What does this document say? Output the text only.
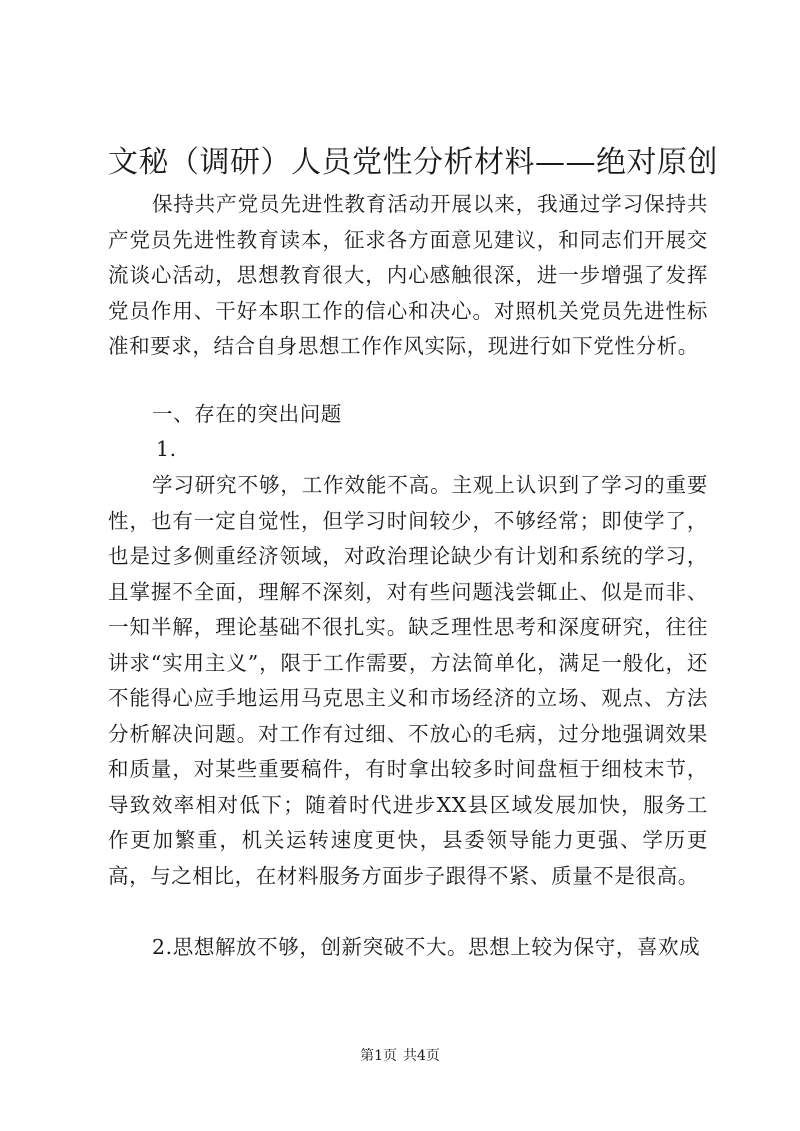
文秘（调研）人员党性分析材料——绝对原创

保持共产党员先进性教育活动开展以来，我通过学习保持共产党员先进性教育读本，征求各方面意见建议，和同志们开展交流谈心活动，思想教育很大，内心感触很深，进一步增强了发挥党员作用、干好本职工作的信心和决心。对照机关党员先进性标准和要求，结合自身思想工作作风实际，现进行如下党性分析。

一、存在的突出问题

1.

学习研究不够，工作效能不高。主观上认识到了学习的重要性，也有一定自觉性，但学习时间较少，不够经常；即使学了，也是过多侧重经济领域，对政治理论缺少有计划和系统的学习，且掌握不全面，理解不深刻，对有些问题浅尝辄止、似是而非、一知半解，理论基础不很扎实。缺乏理性思考和深度研究，往往讲求“实用主义”，限于工作需要，方法简单化，满足一般化，还不能得心应手地运用马克思主义和市场经济的立场、观点、方法分析解决问题。对工作有过细、不放心的毛病，过分地强调效果和质量，对某些重要稿件，有时拿出较多时间盘桓于细枝末节，导致效率相对低下；随着时代进步XX县区域发展加快，服务工作更加繁重，机关运转速度更快，县委领导能力更强、学历更高，与之相比，在材料服务方面步子跟得不紧、质量不是很高。

2.思想解放不够，创新突破不大。思想上较为保守，喜欢成

第1页 共4页
